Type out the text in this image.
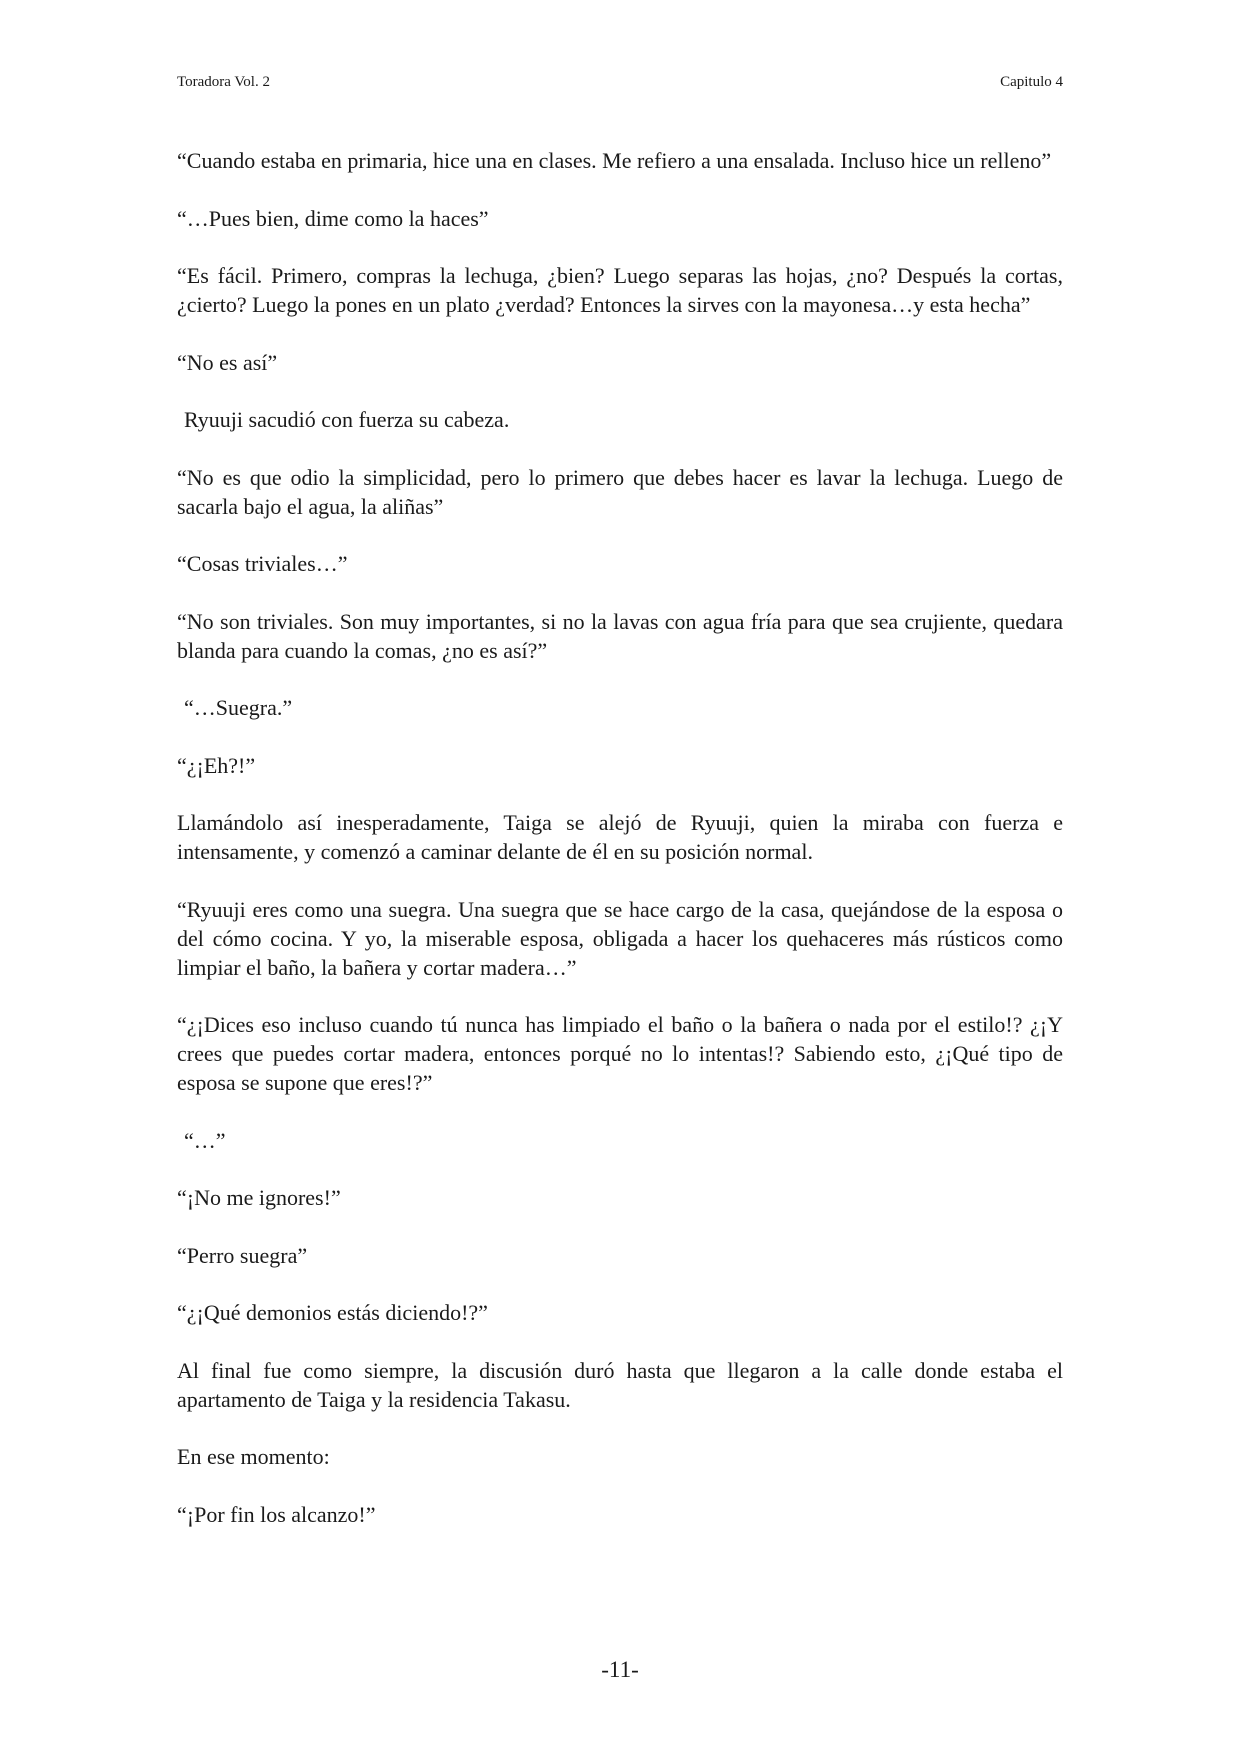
Toradora Vol. 2	Capitulo 4

“Cuando estaba en primaria, hice una en clases. Me refiero a una ensalada. Incluso hice un relleno”

“…Pues bien, dime como la haces”

“Es fácil. Primero, compras la lechuga, ¿bien? Luego separas las hojas, ¿no? Después la cortas, ¿cierto? Luego la pones en un plato ¿verdad? Entonces la sirves con la mayonesa…y esta hecha”

“No es así”

Ryuuji sacudió con fuerza su cabeza.

“No es que odio la simplicidad, pero lo primero que debes hacer es lavar la lechuga. Luego de sacarla bajo el agua, la aliñas”

“Cosas triviales…”

“No son triviales. Son muy importantes, si no la lavas con agua fría para que sea crujiente, quedara blanda para cuando la comas, ¿no es así?”

“…Suegra.”

“¿¡Eh?!”

Llamándolo así inesperadamente, Taiga se alejó de Ryuuji, quien la miraba con fuerza e intensamente, y comenzó a caminar delante de él en su posición normal.

“Ryuuji eres como una suegra. Una suegra que se hace cargo de la casa, quejándose de la esposa o del cómo cocina. Y yo, la miserable esposa, obligada a hacer los quehaceres más rústicos como limpiar el baño, la bañera y cortar madera…”

“¿¡Dices eso incluso cuando tú nunca has limpiado el baño o la bañera o nada por el estilo!? ¿¡Y crees que puedes cortar madera, entonces porqué no lo intentas!? Sabiendo esto, ¿¡Qué tipo de esposa se supone que eres!?”

“…”

“¡No me ignores!”

“Perro suegra”

“¿¡Qué demonios estás diciendo!?”

Al final fue como siempre, la discusión duró hasta que llegaron a la calle donde estaba el apartamento de Taiga y la residencia Takasu.

En ese momento:

“¡Por fin los alcanzo!”

-11-
